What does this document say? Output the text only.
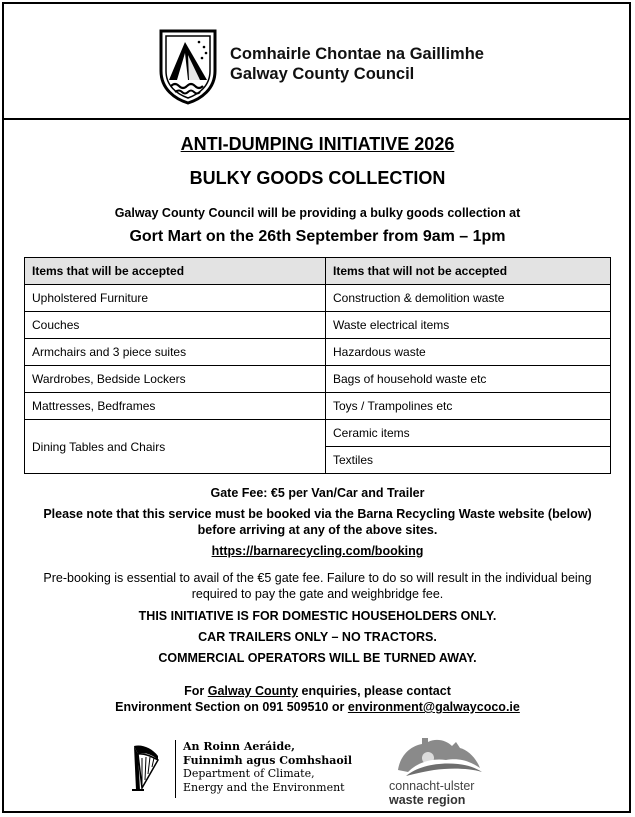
Comhairle Chontae na Gaillimhe
Galway County Council
ANTI-DUMPING INITIATIVE 2026
BULKY GOODS COLLECTION
Galway County Council will be providing a bulky goods collection at
Gort Mart on the 26th September from 9am – 1pm
Items that will be accepted	Items that will not be accepted
Upholstered Furniture	Construction & demolition waste
Couches	Waste electrical items
Armchairs and 3 piece suites	Hazardous waste
Wardrobes, Bedside Lockers	Bags of household waste etc
Mattresses, Bedframes	Toys / Trampolines etc
Dining Tables and Chairs	Ceramic items
	Textiles
Gate Fee: €5 per Van/Car and Trailer
Please note that this service must be booked via the Barna Recycling Waste website (below)
before arriving at any of the above sites.
https://barnarecycling.com/booking
Pre-booking is essential to avail of the €5 gate fee. Failure to do so will result in the individual being
required to pay the gate and weighbridge fee.
THIS INITIATIVE IS FOR DOMESTIC HOUSEHOLDERS ONLY.
CAR TRAILERS ONLY – NO TRACTORS.
COMMERCIAL OPERATORS WILL BE TURNED AWAY.
For Galway County enquiries, please contact
Environment Section on 091 509510 or environment@galwaycoco.ie
An Roinn Aeráide,
Fuinnimh agus Comhshaoil
Department of Climate,
Energy and the Environment	connacht-ulster
waste region
